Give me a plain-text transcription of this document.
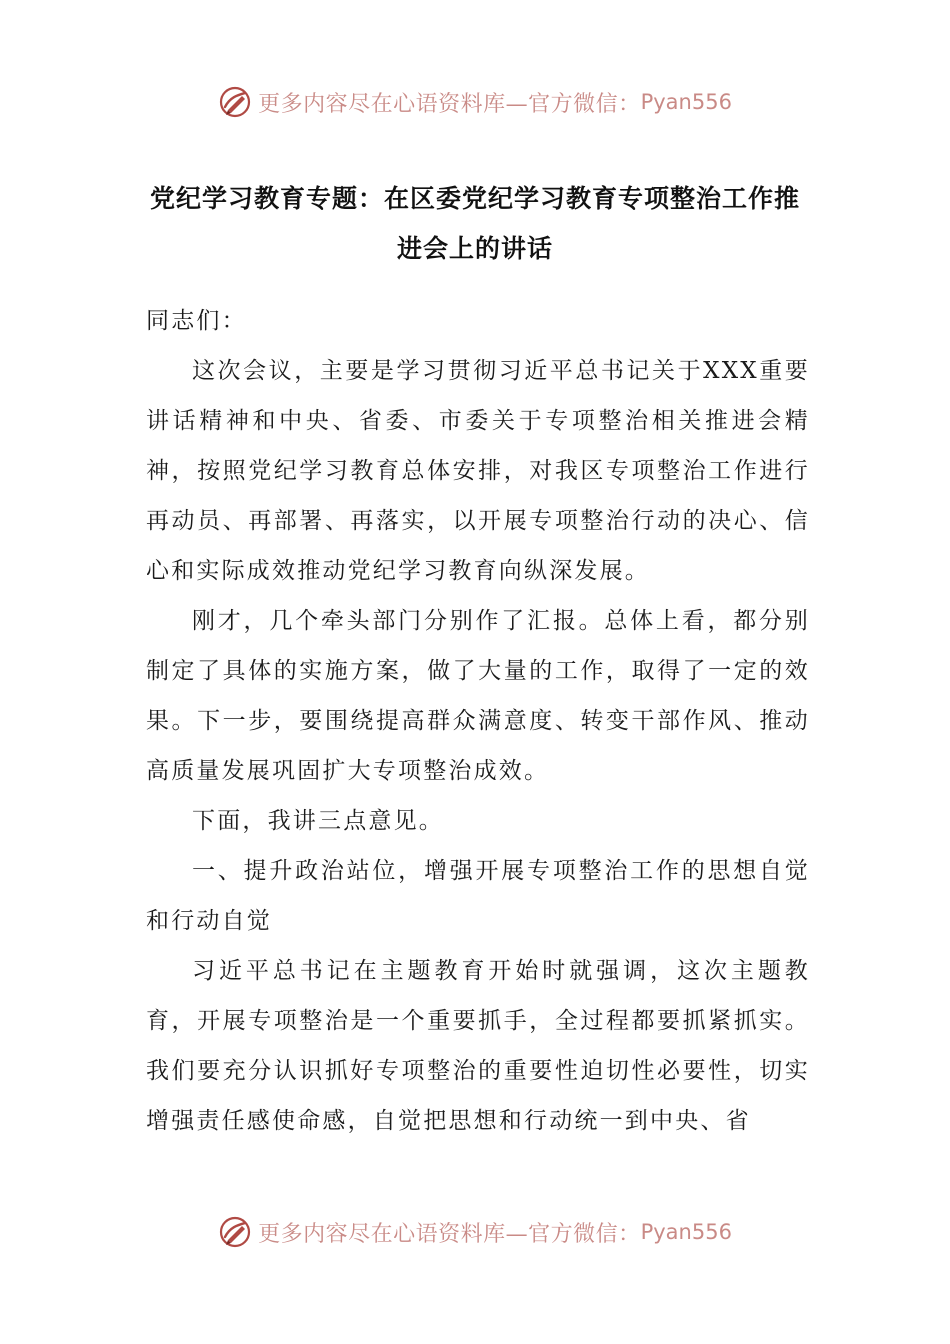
更多内容尽在心语资料库—官方微信： Pyan556
党纪学习教育专题：在区委党纪学习教育专项整治工作推进会上的讲话

同志们：

这次会议，主要是学习贯彻习近平总书记关于XXX重要讲话精神和中央、省委、市委关于专项整治相关推进会精神，按照党纪学习教育总体安排，对我区专项整治工作进行再动员、再部署、再落实，以开展专项整治行动的决心、信心和实际成效推动党纪学习教育向纵深发展。

刚才，几个牵头部门分别作了汇报。总体上看，都分别制定了具体的实施方案，做了大量的工作，取得了一定的效果。下一步，要围绕提高群众满意度、转变干部作风、推动高质量发展巩固扩大专项整治成效。

下面，我讲三点意见。

一、提升政治站位，增强开展专项整治工作的思想自觉和行动自觉

习近平总书记在主题教育开始时就强调，这次主题教育，开展专项整治是一个重要抓手，全过程都要抓紧抓实。我们要充分认识抓好专项整治的重要性迫切性必要性，切实增强责任感使命感，自觉把思想和行动统一到中央、省

更多内容尽在心语资料库—官方微信： Pyan556
